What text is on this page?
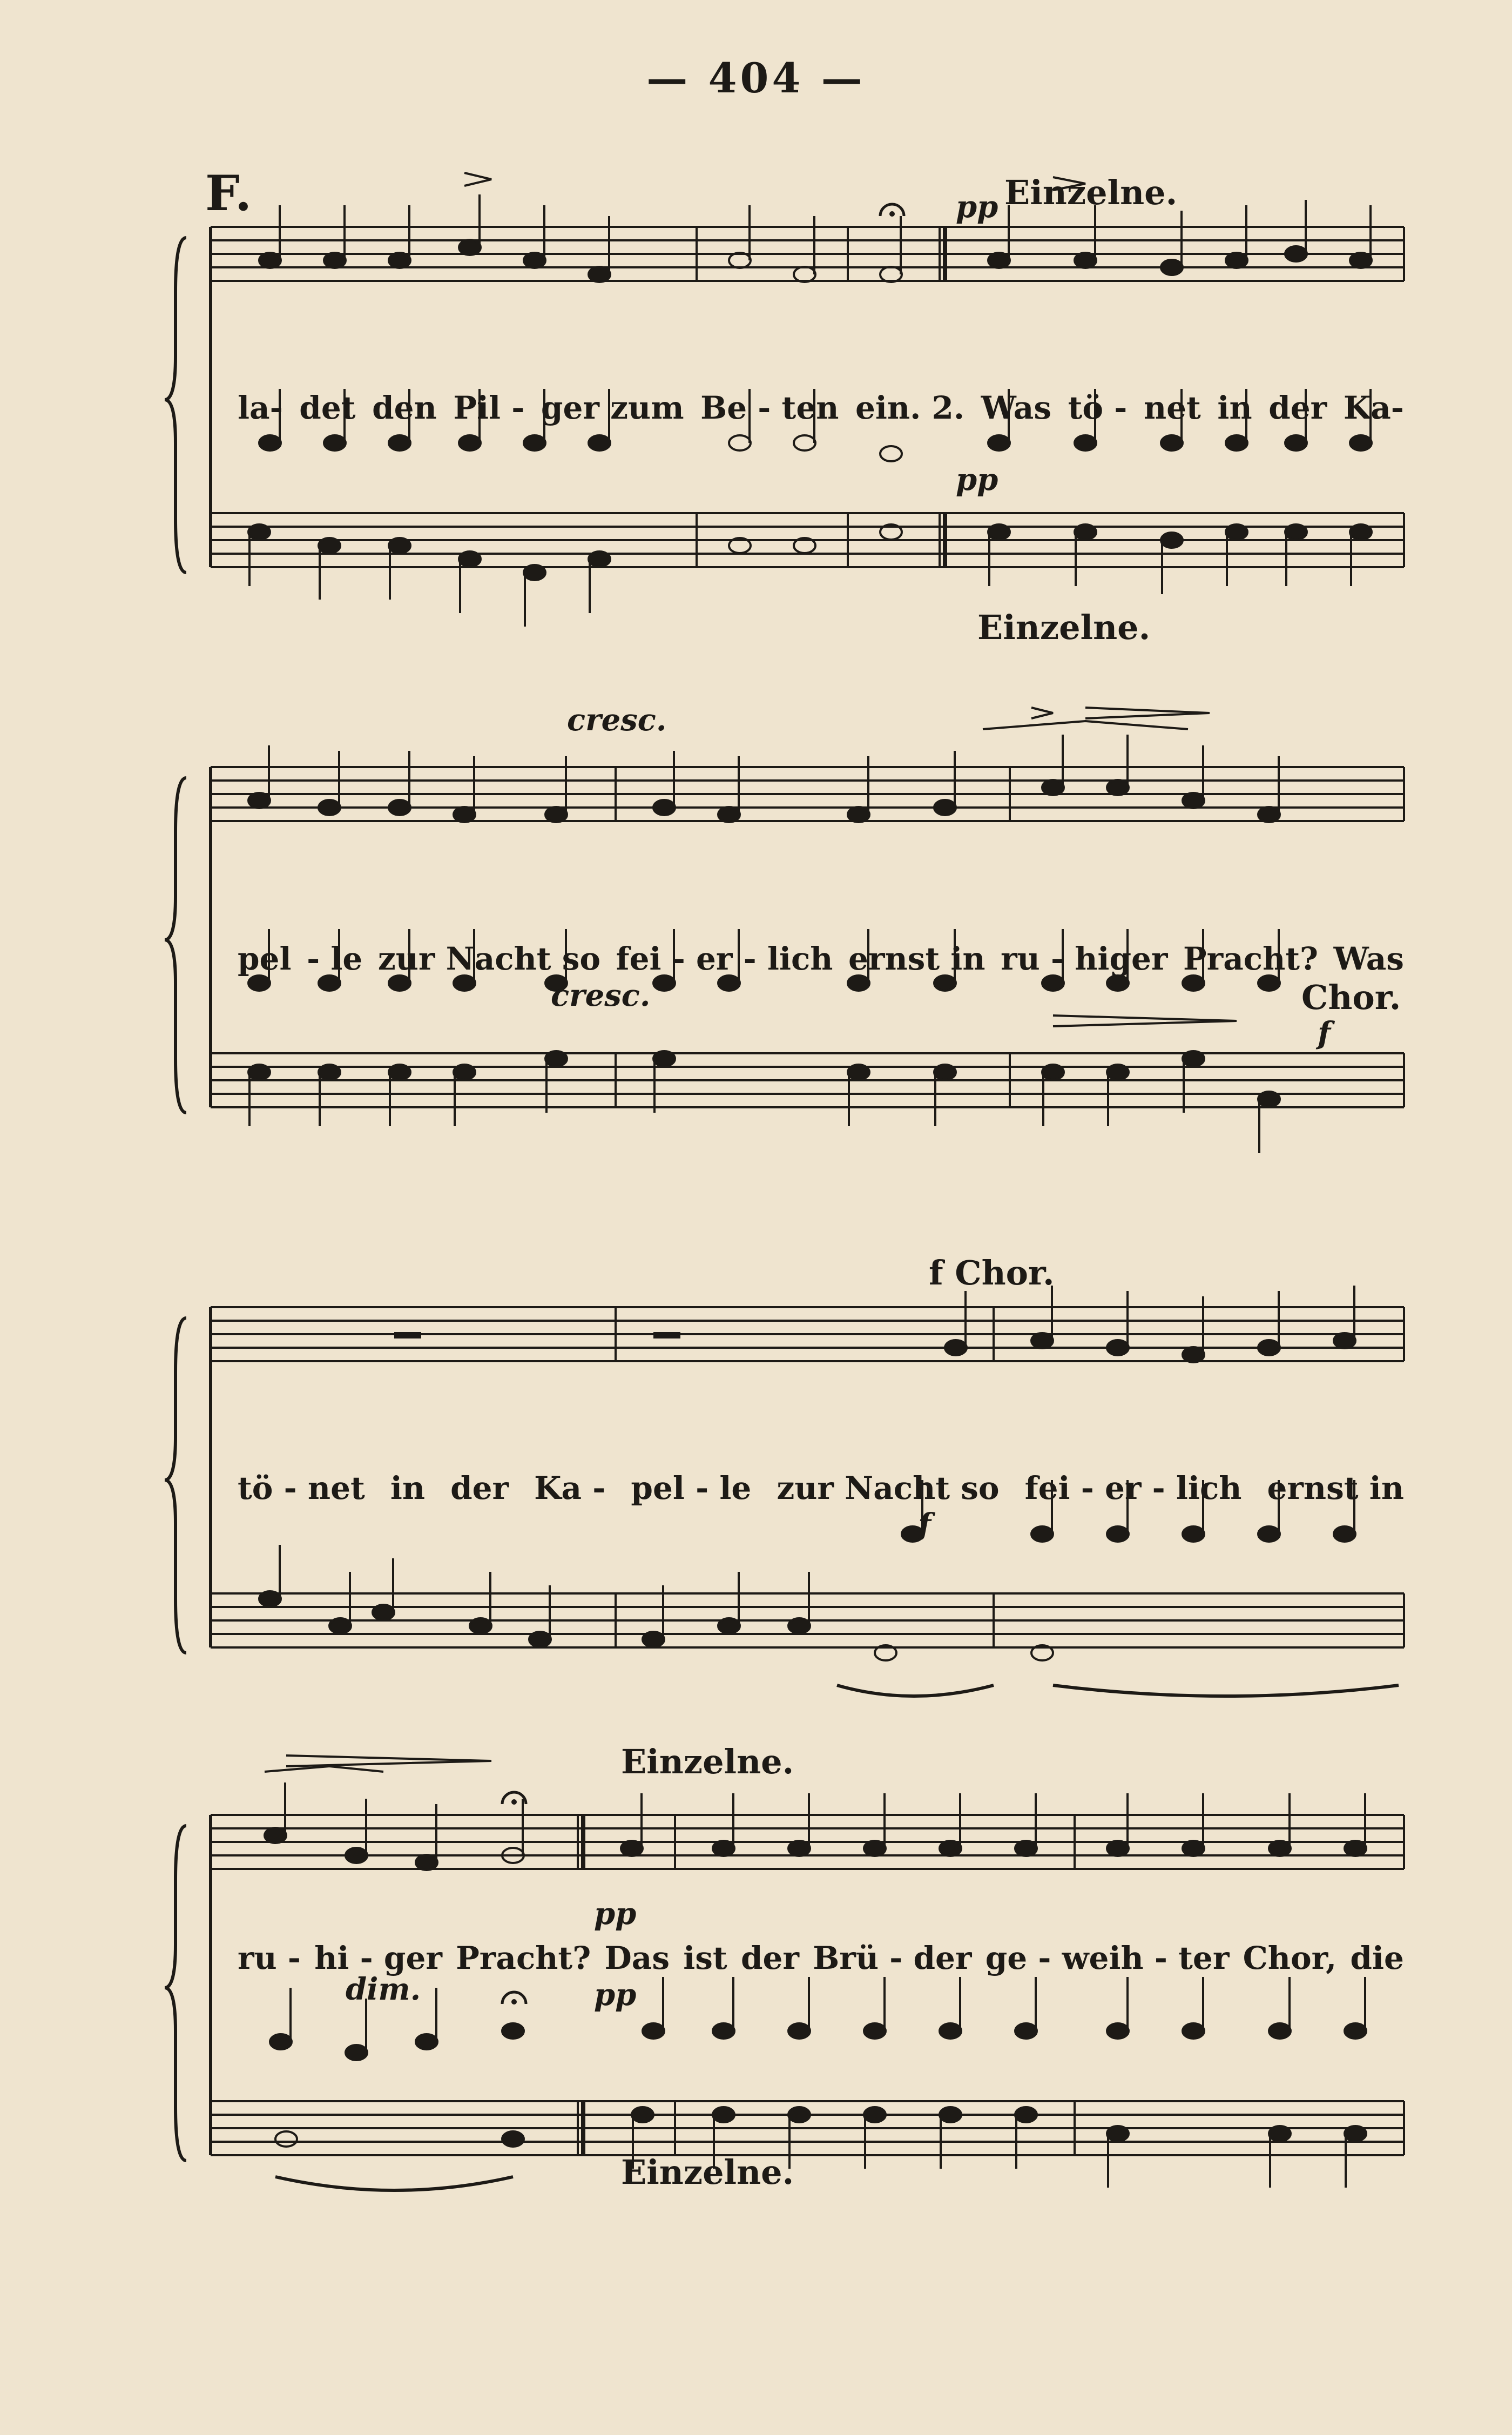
— 404 —
F.	Einzelne.
Einzelne.
Chor.
f Chor.
Einzelne.
Einzelne.
pp
pp
cresc.
cresc.
f
f
dim.
pp
pp
la- det den Pil - ger zum Be - ten ein. 2. Was tö - net in der Ka-
pel - le zur Nacht so fei - er - lich ernst in ru - higer Pracht? Was
tö - net in der Ka - pel - le zur Nacht so fei - er - lich ernst in
ru - hi - ger Pracht? Das ist der Brü - der ge - weih - ter Chor, die
